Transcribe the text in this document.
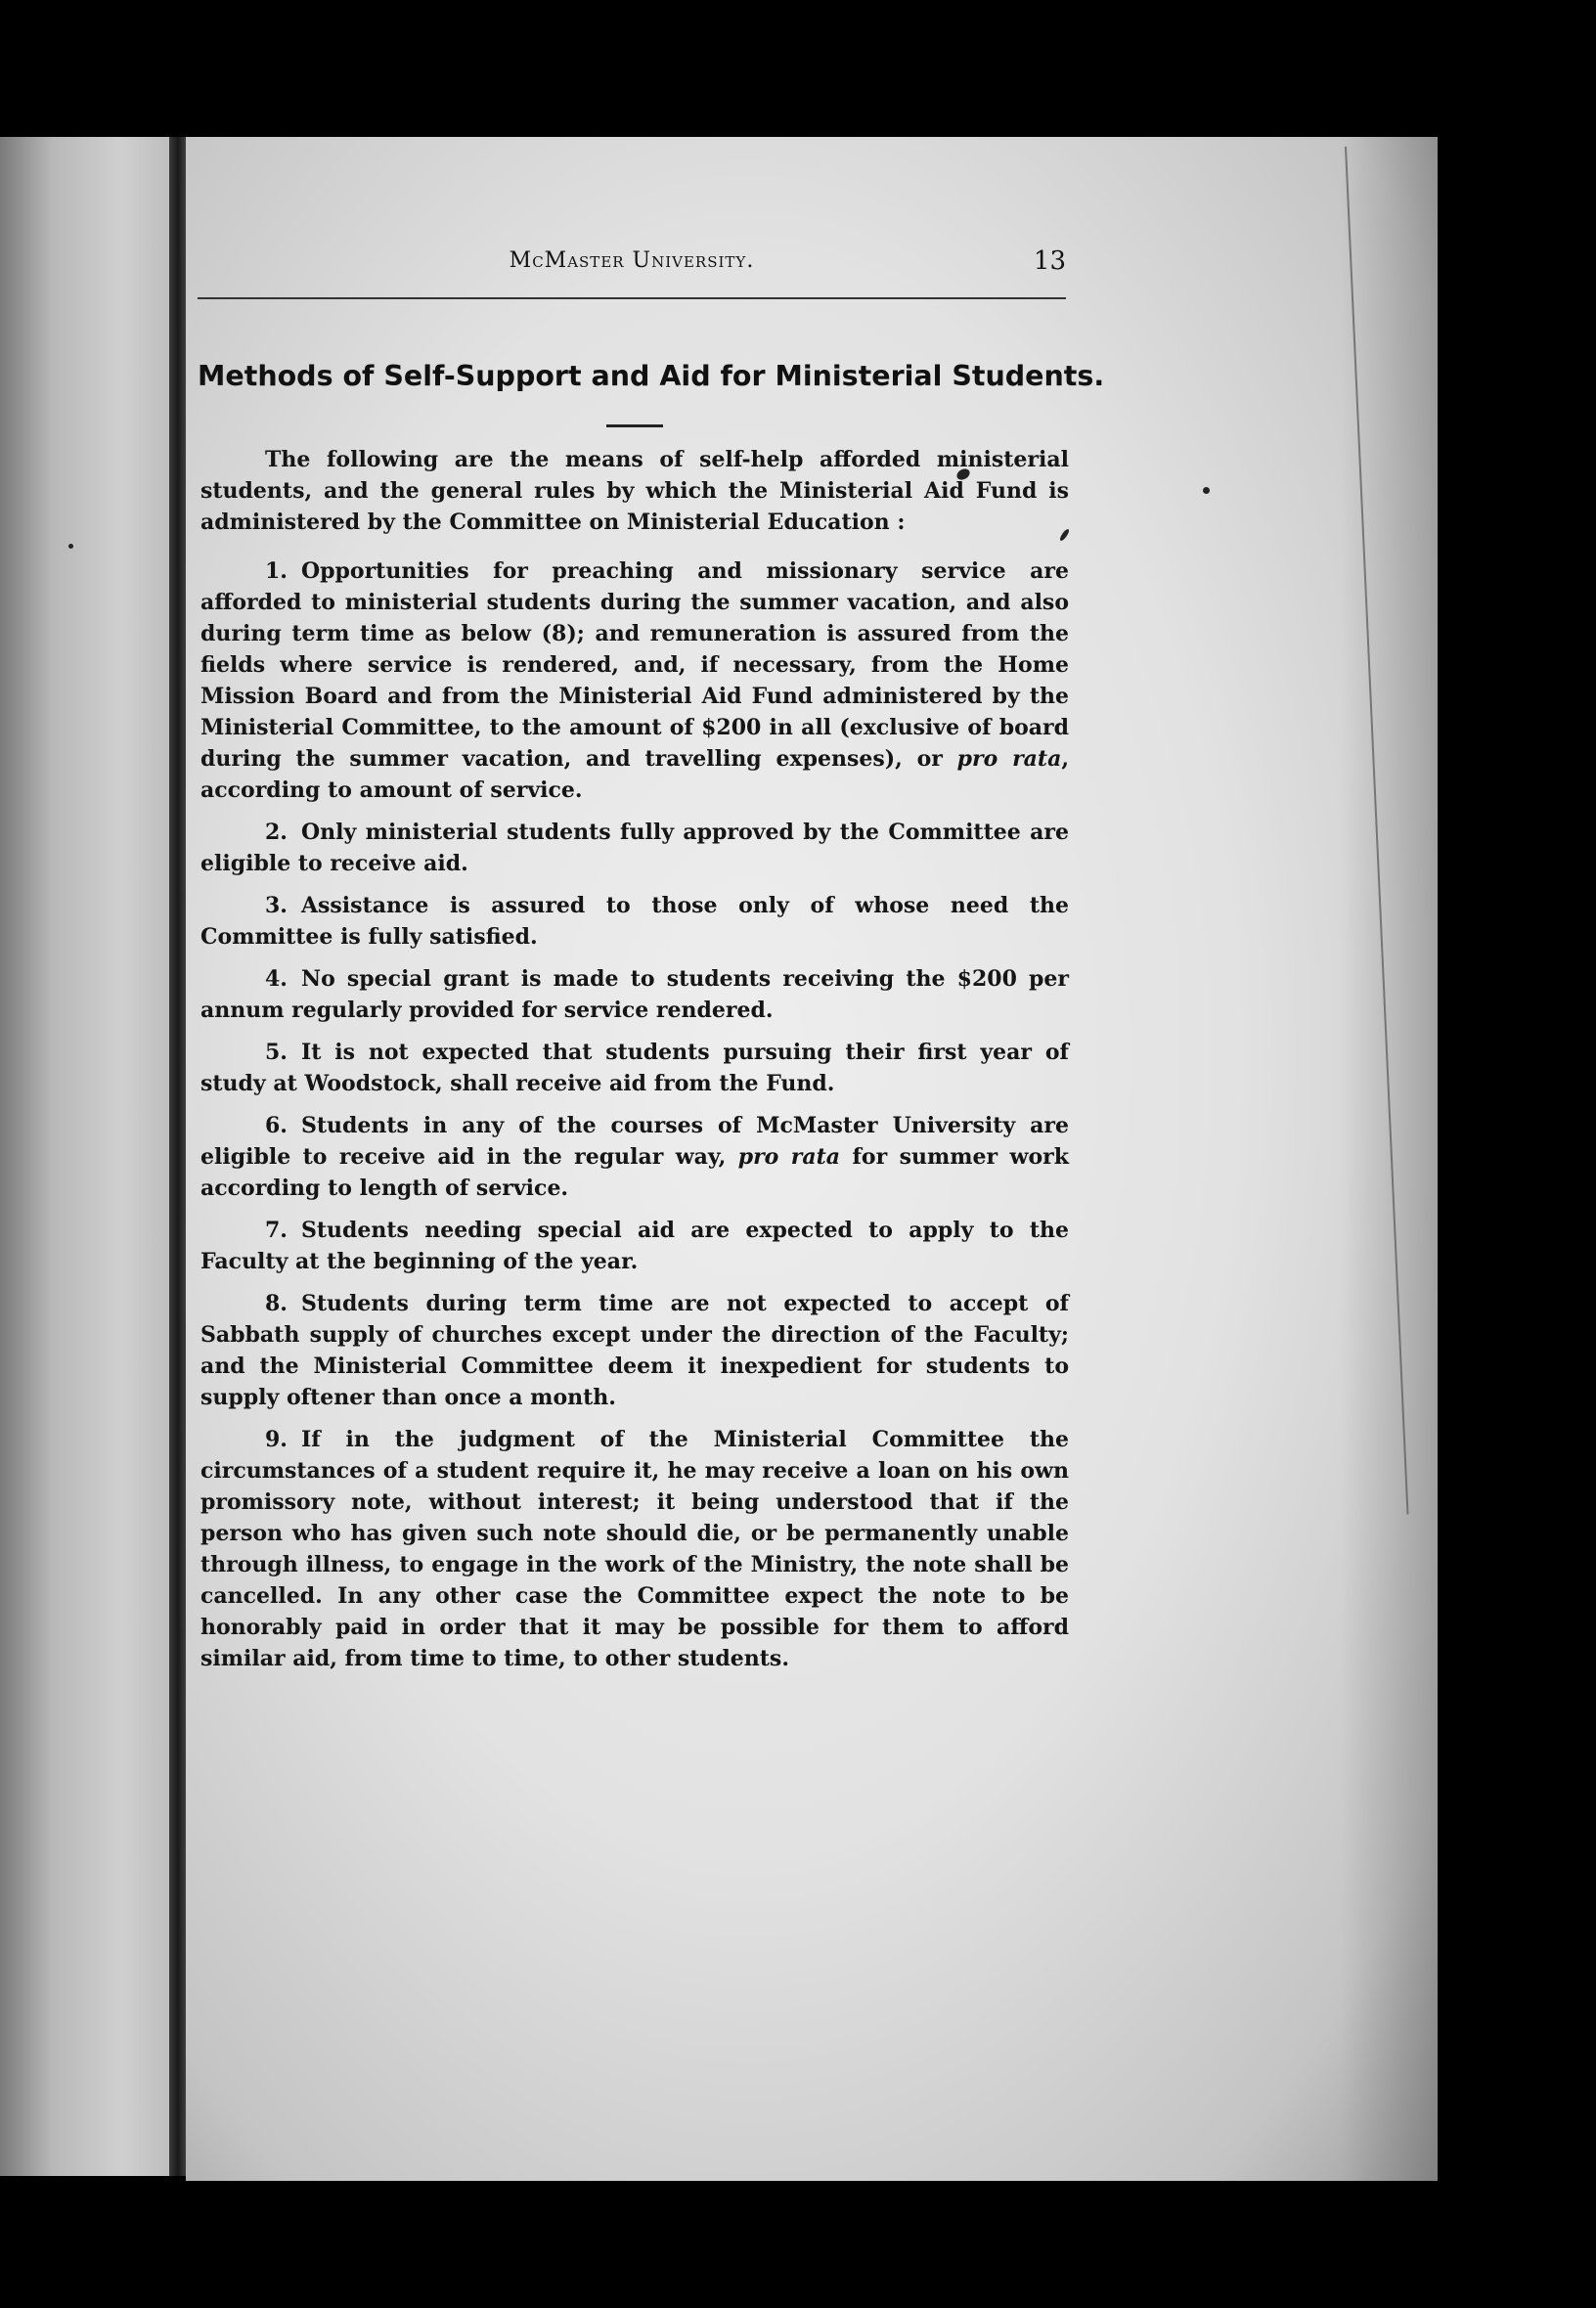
McMaster University.	13
Methods of Self-Support and Aid for Ministerial Students.

The following are the means of self-help afforded ministerial students, and the general rules by which the Ministerial Aid Fund is administered by the Committee on Ministerial Education :

1. Opportunities for preaching and missionary service are afforded to ministerial students during the summer vacation, and also during term time as below (8); and remuneration is assured from the fields where service is rendered, and, if necessary, from the Home Mission Board and from the Ministerial Aid Fund administered by the Ministerial Committee, to the amount of $200 in all (exclusive of board during the summer vacation, and travelling expenses), or pro rata, according to amount of service.

2. Only ministerial students fully approved by the Committee are eligible to receive aid.

3. Assistance is assured to those only of whose need the Committee is fully satisfied.

4. No special grant is made to students receiving the $200 per annum regularly provided for service rendered.

5. It is not expected that students pursuing their first year of study at Woodstock, shall receive aid from the Fund.

6. Students in any of the courses of McMaster University are eligible to receive aid in the regular way, pro rata for summer work according to length of service.

7. Students needing special aid are expected to apply to the Faculty at the beginning of the year.

8. Students during term time are not expected to accept of Sabbath supply of churches except under the direction of the Faculty; and the Ministerial Committee deem it inexpedient for students to supply oftener than once a month.

9. If in the judgment of the Ministerial Committee the circumstances of a student require it, he may receive a loan on his own promissory note, without interest; it being understood that if the person who has given such note should die, or be permanently unable through illness, to engage in the work of the Ministry, the note shall be cancelled. In any other case the Committee expect the note to be honorably paid in order that it may be possible for them to afford similar aid, from time to time, to other students.
